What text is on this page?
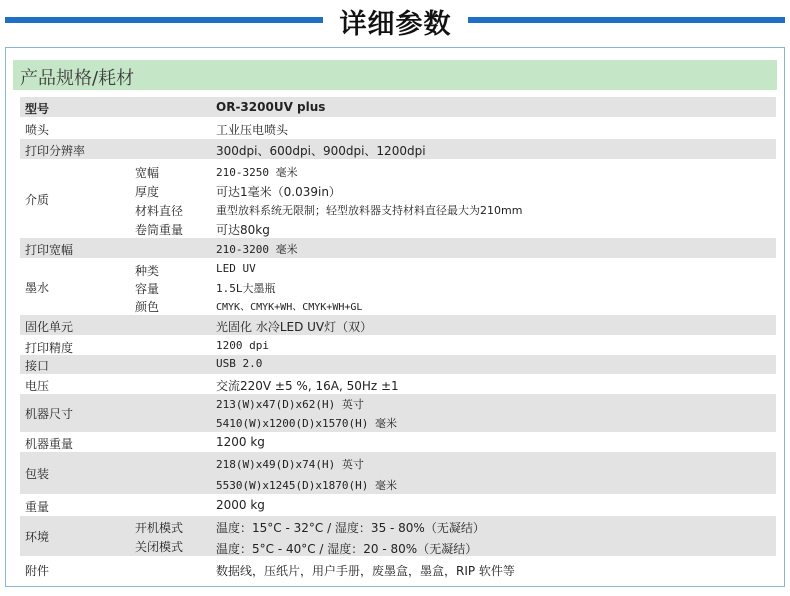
详细参数
产品规格/耗材
型号	OR-3200UV plus
喷头	工业压电喷头
打印分辨率	300dpi、600dpi、900dpi、1200dpi
介质
宽幅	210-3250 毫米
厚度	可达1毫米（0.039in）
材料直径	重型放料系统无限制；轻型放料器支持材料直径最大为210mm
卷筒重量	可达80kg
打印宽幅	210-3200 毫米
墨水
种类	LED UV
容量	1.5L大墨瓶
颜色	CMYK、CMYK+WH、CMYK+WH+GL
固化单元	光固化 水冷LED UV灯（双）
打印精度	1200 dpi
接口	USB 2.0
电压	交流220V ±5 %, 16A, 50Hz ±1
机器尺寸
213(W)x47(D)x62(H) 英寸
5410(W)x1200(D)x1570(H) 毫米
机器重量	1200 kg
包装
218(W)x49(D)x74(H) 英寸
5530(W)x1245(D)x1870(H) 毫米
重量	2000 kg
环境
开机模式	温度：15°C - 32°C / 湿度：35 - 80%（无凝结）
关闭模式	温度：5°C - 40°C / 湿度：20 - 80%（无凝结）
附件	数据线，压纸片，用户手册，废墨盒，墨盒，RIP 软件等
